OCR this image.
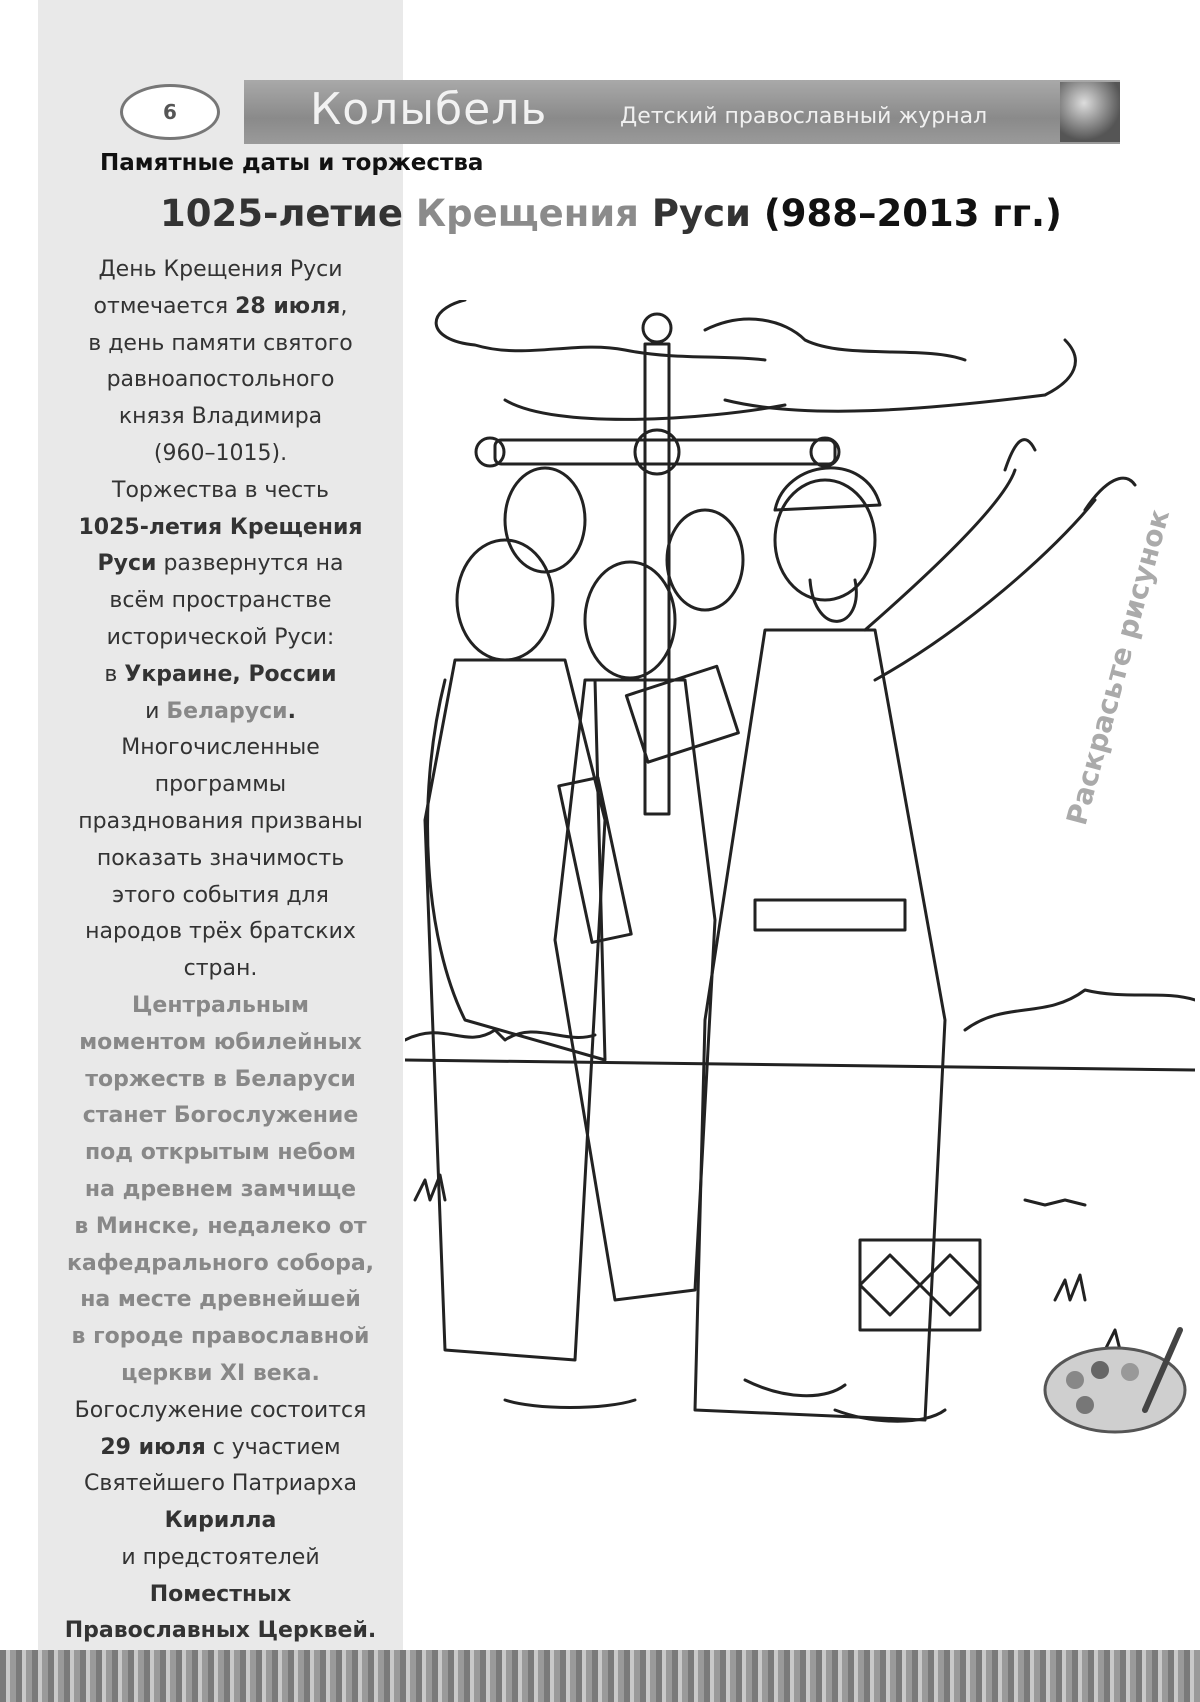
6	Колыбель	Детский православный журнал
Памятные даты и торжества
1025-летие Крещения Руси (988–2013 гг.)

День Крещения Руси

отмечается 28 июля,

в день памяти святого

равноапостольного

князя Владимира

(960–1015).

Торжества в честь

1025-летия Крещения

Руси развернутся на

всём пространстве

исторической Руси:

в Украине, России

и Беларуси.

Многочисленные

программы

празднования призваны

показать значимость

этого события для

народов трёх братских

стран.

Центральным

моментом юбилейных

торжеств в Беларуси

станет Богослужение

под открытым небом

на древнем замчище

в Минске, недалеко от

кафедрального собора,

на месте древнейшей

в городе православной

церкви XI века.

Богослужение состоится

29 июля с участием

Святейшего Патриарха

Кирилла

и предстоятелей

Поместных

Православных Церквей.

Раскрасьте рисунок
